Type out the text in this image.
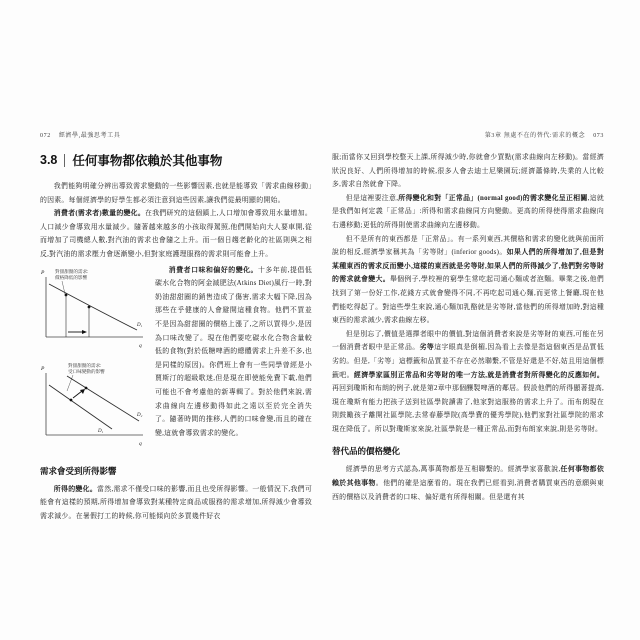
072 經濟學,最強思考工具
3.8 任何事物都依賴於其他事物

我們能夠明確分辨出導致需求變動的一些影響因素,也就是能導致「需求曲線移動」的因素。每個經濟學的好學生都必須注意到這些因素,讓我們從最明顯的開始。

消費者(需求者)數量的變化。在我們研究的這個鎮上,人口增加會導致用水量增加。人口減少會導致用水量減少。隨著越來越多的小孩取得駕照,他們開始向大人要車開,從而增加了司機總人數,對汽油的需求也會隨之上升。而一個日趨老齡化的社區則與之相反,對汽油的需求壓力會逐漸變小,但對家庭護理服務的需求則可能會上升。

對甜甜圈的需求:
價格降低的影響
P
q
D₁
對甜甜圈的需求:
受口味變動的影響
P
q
D₁
D₂

消費者口味和偏好的變化。十多年前,提倡低碳水化合物的阿金減肥法(Atkins Diet)風行一時,對奶油甜甜圈的銷售造成了傷害,需求大幅下降,因為那些在乎健康的人會避開這種食物。他們不買並不是因為甜甜圈的價格上漲了,之所以買得少,是因為口味改變了。現在他們要吃碳水化合物含量較低的食物(對於低糖啤酒的總體需求上升差不多,也是同樣的原因)。你們班上會有一些同學曾經是小賈斯汀的超級歌迷,但是現在即使能免費下載,他們可能也不會考慮他的新專輯了。對於他們來說,需求曲線向左邊移動得如此之遠以至於完全消失了。隨著時間的推移,人們的口味會變,而且的確在變,這就會導致需求的變化。

需求會受到所得影響

所得的變化。當然,需求不僅受口味的影響,而且也受所得影響。一般情況下,我們可能會有這樣的預期,所得增加會導致對某種特定商品或服務的需求增加,所得減少會導致需求減少。在暑假打工的時候,你可能傾向於多買幾件好衣

第3章 無處不在的替代:需求的概念 073

服;而當你又回到學校整天上課,所得減少時,你就會少買點(需求曲線向左移動)。當經濟狀況良好、人們所得增加的時候,很多人會去迪士尼樂園玩;經濟蕭條時,失業的人比較多,需求自然就會下降。

但是這裡要注意,所得變化和對「正常品」(normal good)的需求變化呈正相關,這就是我們如何定義「正常品」:所得和需求曲線同方向變動。更高的所得使得需求曲線向右邊移動;更低的所得則使需求曲線向左邊移動。

但不是所有的東西都是「正常品」。有一系列東西,其價格和需求的變化就與前面所說的相反,經濟學家稱其為「劣等財」(inferior goods)。如果人們的所得增加了,但是對某種東西的需求反而變小,這樣的東西就是劣等財,如果人們的所得減少了,他們對劣等財的需求就會變大。舉個例子,學校裡的窮學生常吃起司通心麵或者泡麵。畢業之後,他們找到了第一份好工作,花錢方式就會變得不同,不再吃起司通心麵,而更常上餐廳,現在他們能吃得起了。對這些學生來說,通心麵加乳酪就是劣等財,當他們的所得增加時,對這種東西的需求減少,需求曲線左移。

但是別忘了,價值是選擇者眼中的價值,對這個消費者來說是劣等財的東西,可能在另一個消費者眼中是正常品。劣等這字眼真是倒楣,因為看上去像是指這個東西是品質低劣的。但是,「劣等」這標籤和品質並不存在必然聯繫,不管是好還是不好,姑且用這個標籤吧。經濟學家區別正常品和劣等財的唯一方法,就是消費者對所得變化的反應如何。再回到瓊斯和布朗的例子,就是第2章中那個釀製啤酒的鄰居。假設他們的所得顯著提高,現在瓊斯有能力把孩子送到社區學院讀書了,他家對這服務的需求上升了。而布朗現在則鼓勵孩子離開社區學院,去常春藤學院(高學費的優秀學院),他們家對社區學院的需求現在降低了。所以對瓊斯家來說,社區學院是一種正常品,而對布朗家來說,則是劣等財。

替代品的價格變化

經濟學的思考方式認為,萬事萬物都是互相聯繫的。經濟學家喜歡說,任何事物都依賴於其他事物。他們的確是這麼看的。現在我們已經看到,消費者購買東西的意願與東西的價格以及消費者的口味、偏好還有所得相關。但是還有其
